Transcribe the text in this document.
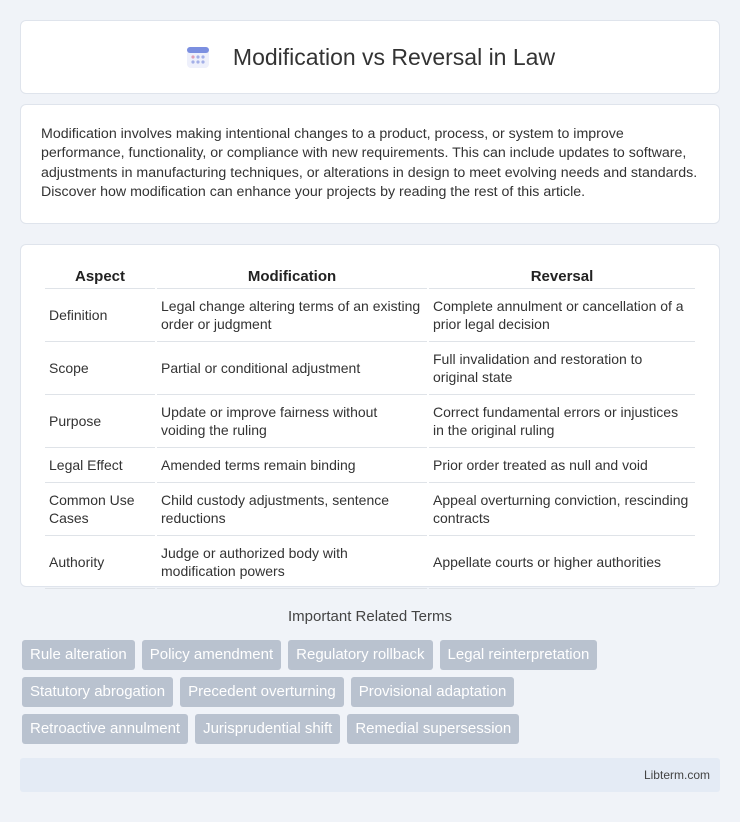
Modification vs Reversal in Law

Modification involves making intentional changes to a product, process, or system to improve performance, functionality, or compliance with new requirements. This can include updates to software, adjustments in manufacturing techniques, or alterations in design to meet evolving needs and standards. Discover how modification can enhance your projects by reading the rest of this article.

Aspect	Modification	Reversal
Definition	Legal change altering terms of an existing order or judgment	Complete annulment or cancellation of a prior legal decision
Scope	Partial or conditional adjustment	Full invalidation and restoration to original state
Purpose	Update or improve fairness without voiding the ruling	Correct fundamental errors or injustices in the original ruling
Legal Effect	Amended terms remain binding	Prior order treated as null and void
Common Use Cases	Child custody adjustments, sentence reductions	Appeal overturning conviction, rescinding contracts
Authority	Judge or authorized body with modification powers	Appellate courts or higher authorities
Important Related Terms
Rule alteration	Policy amendment	Regulatory rollback	Legal reinterpretation
Statutory abrogation	Precedent overturning	Provisional adaptation
Retroactive annulment	Jurisprudential shift	Remedial supersession
Libterm.com
